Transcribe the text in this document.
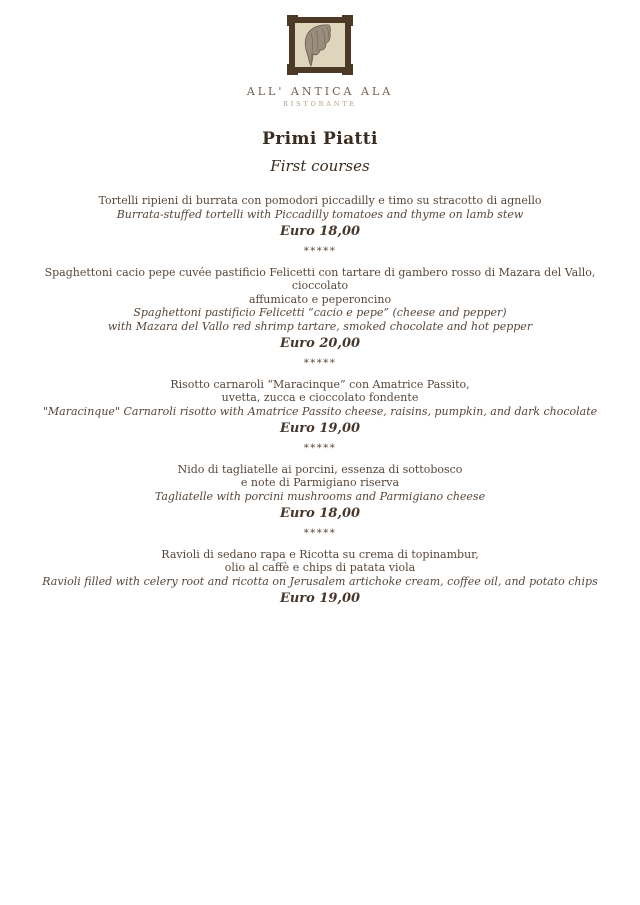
ALL' ANTICA ALA
RISTORANTE
Primi Piatti
First courses
Tortelli ripieni di burrata con pomodori piccadilly e timo su stracotto di agnello
Burrata-stuffed tortelli with Piccadilly tomatoes and thyme on lamb stew
Euro 18,00
*****
Spaghettoni cacio pepe cuvée pastificio Felicetti con tartare di gambero rosso di Mazara del Vallo, cioccolato
affumicato e peperoncino
Spaghettoni pastificio Felicetti “cacio e pepe” (cheese and pepper)
with Mazara del Vallo red shrimp tartare, smoked chocolate and hot pepper
Euro 20,00
*****
Risotto carnaroli “Maracinque” con Amatrice Passito,
uvetta, zucca e cioccolato fondente
"Maracinque" Carnaroli risotto with Amatrice Passito cheese, raisins, pumpkin, and dark chocolate
Euro 19,00
*****
Nido di tagliatelle ai porcini, essenza di sottobosco
e note di Parmigiano riserva
Tagliatelle with porcini mushrooms and Parmigiano cheese
Euro 18,00
*****
Ravioli di sedano rapa e Ricotta su crema di topinambur,
olio al caffè e chips di patata viola
Ravioli filled with celery root and ricotta on Jerusalem artichoke cream, coffee oil, and potato chips
Euro 19,00
